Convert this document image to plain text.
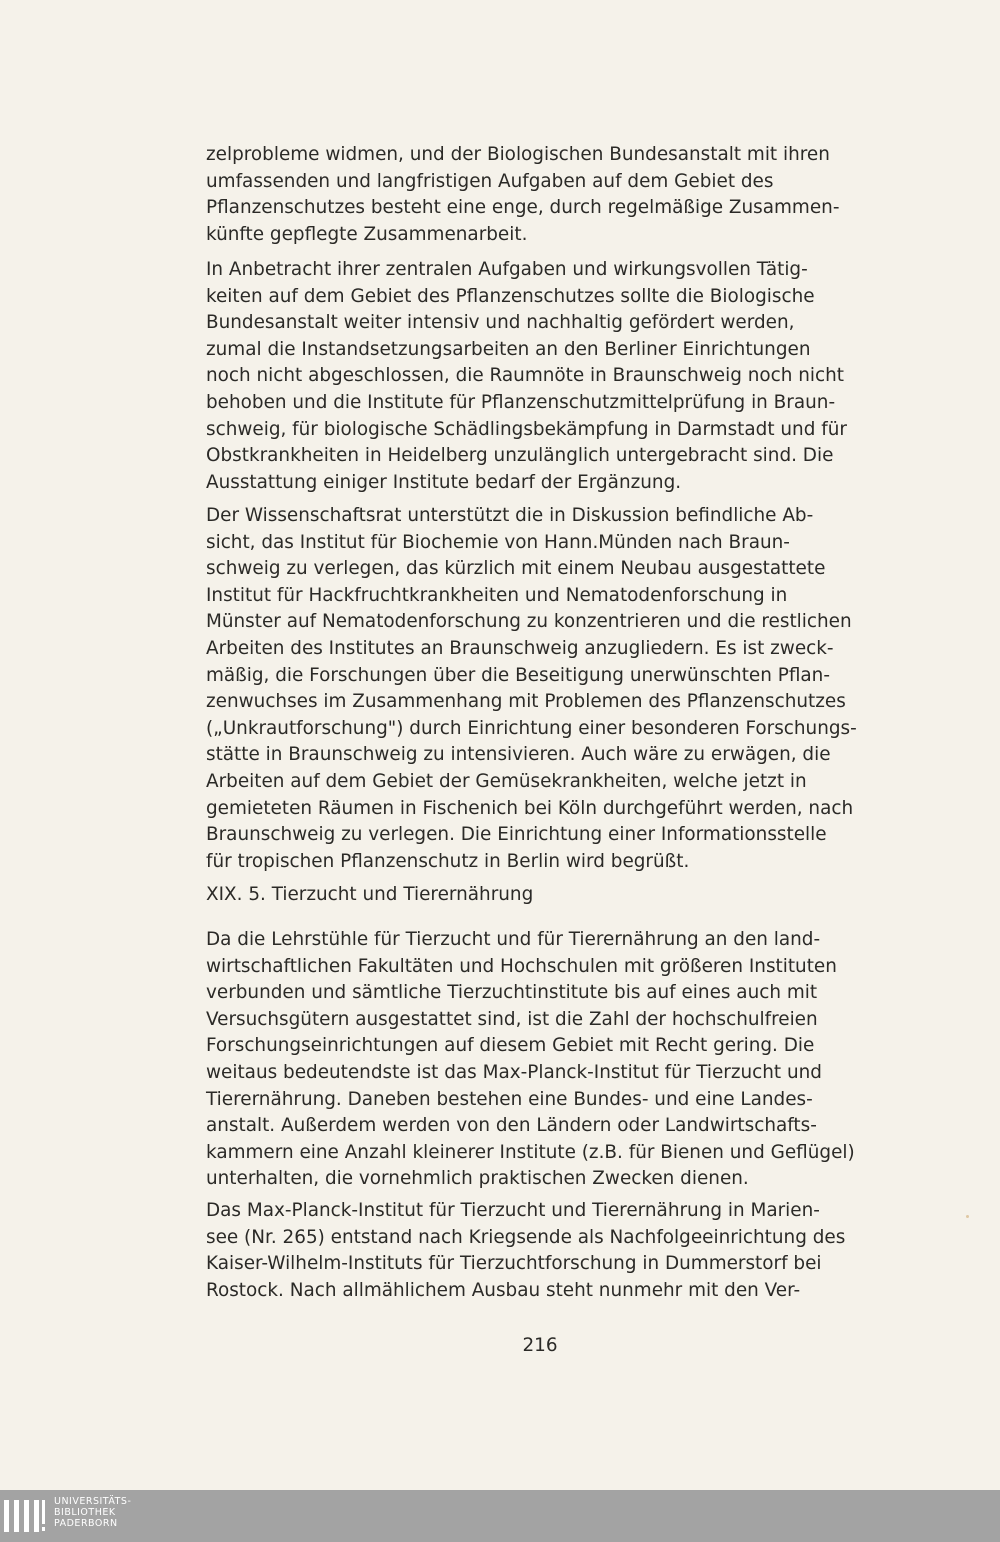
zelprobleme widmen, und der Biologischen Bundesanstalt mit ihren
umfassenden und langfristigen Aufgaben auf dem Gebiet des
Pflanzenschutzes besteht eine enge, durch regelmäßige Zusammen-
künfte gepflegte Zusammenarbeit.

In Anbetracht ihrer zentralen Aufgaben und wirkungsvollen Tätig-
keiten auf dem Gebiet des Pflanzenschutzes sollte die Biologische
Bundesanstalt weiter intensiv und nachhaltig gefördert werden,
zumal die Instandsetzungsarbeiten an den Berliner Einrichtungen
noch nicht abgeschlossen, die Raumnöte in Braunschweig noch nicht
behoben und die Institute für Pflanzenschutzmittelprüfung in Braun-
schweig, für biologische Schädlingsbekämpfung in Darmstadt und für
Obstkrankheiten in Heidelberg unzulänglich untergebracht sind. Die
Ausstattung einiger Institute bedarf der Ergänzung.

Der Wissenschaftsrat unterstützt die in Diskussion befindliche Ab-
sicht, das Institut für Biochemie von Hann.Münden nach Braun-
schweig zu verlegen, das kürzlich mit einem Neubau ausgestattete
Institut für Hackfruchtkrankheiten und Nematodenforschung in
Münster auf Nematodenforschung zu konzentrieren und die restlichen
Arbeiten des Institutes an Braunschweig anzugliedern. Es ist zweck-
mäßig, die Forschungen über die Beseitigung unerwünschten Pflan-
zenwuchses im Zusammenhang mit Problemen des Pflanzenschutzes
(„Unkrautforschung") durch Einrichtung einer besonderen Forschungs-
stätte in Braunschweig zu intensivieren. Auch wäre zu erwägen, die
Arbeiten auf dem Gebiet der Gemüsekrankheiten, welche jetzt in
gemieteten Räumen in Fischenich bei Köln durchgeführt werden, nach
Braunschweig zu verlegen. Die Einrichtung einer Informationsstelle
für tropischen Pflanzenschutz in Berlin wird begrüßt.

XIX. 5. Tierzucht und Tierernährung

Da die Lehrstühle für Tierzucht und für Tierernährung an den land-
wirtschaftlichen Fakultäten und Hochschulen mit größeren Instituten
verbunden und sämtliche Tierzuchtinstitute bis auf eines auch mit
Versuchsgütern ausgestattet sind, ist die Zahl der hochschulfreien
Forschungseinrichtungen auf diesem Gebiet mit Recht gering. Die
weitaus bedeutendste ist das Max-Planck-Institut für Tierzucht und
Tierernährung. Daneben bestehen eine Bundes- und eine Landes-
anstalt. Außerdem werden von den Ländern oder Landwirtschafts-
kammern eine Anzahl kleinerer Institute (z.B. für Bienen und Geflügel)
unterhalten, die vornehmlich praktischen Zwecken dienen.

Das Max-Planck-Institut für Tierzucht und Tierernährung in Marien-
see (Nr. 265) entstand nach Kriegsende als Nachfolgeeinrichtung des
Kaiser-Wilhelm-Instituts für Tierzuchtforschung in Dummerstorf bei
Rostock. Nach allmählichem Ausbau steht nunmehr mit den Ver-

216
UNIVERSITÄTS-
BIBLIOTHEK
PADERBORN
